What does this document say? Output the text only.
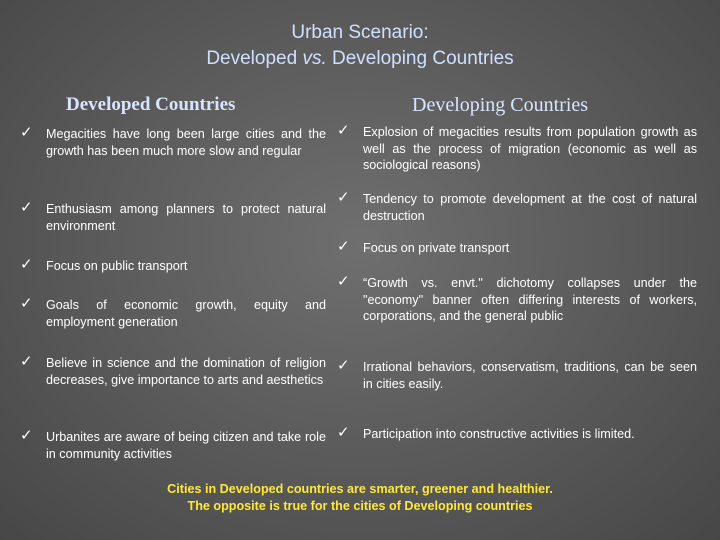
Urban Scenario:
Developed vs. Developing Countries
Developed Countries	Developing Countries
✓ Megacities have long been large cities and the growth has been much more slow and regular
✓ Enthusiasm among planners to protect natural environment
✓ Focus on public transport
✓ Goals of economic growth, equity and employment generation
✓ Believe in science and the domination of religion decreases, give importance to arts and aesthetics
✓ Urbanites are aware of being citizen and take role in community activities
✓ Explosion of megacities results from population growth as well as the process of migration (economic as well as sociological reasons)
✓ Tendency to promote development at the cost of natural destruction
✓ Focus on private transport
✓ “Growth vs. envt." dichotomy collapses under the "economy" banner often differing interests of workers, corporations, and the general public
✓ Irrational behaviors, conservatism, traditions, can be seen in cities easily.
✓ Participation into constructive activities is limited.
Cities in Developed countries are smarter, greener and healthier.
The opposite is true for the cities of Developing countries
